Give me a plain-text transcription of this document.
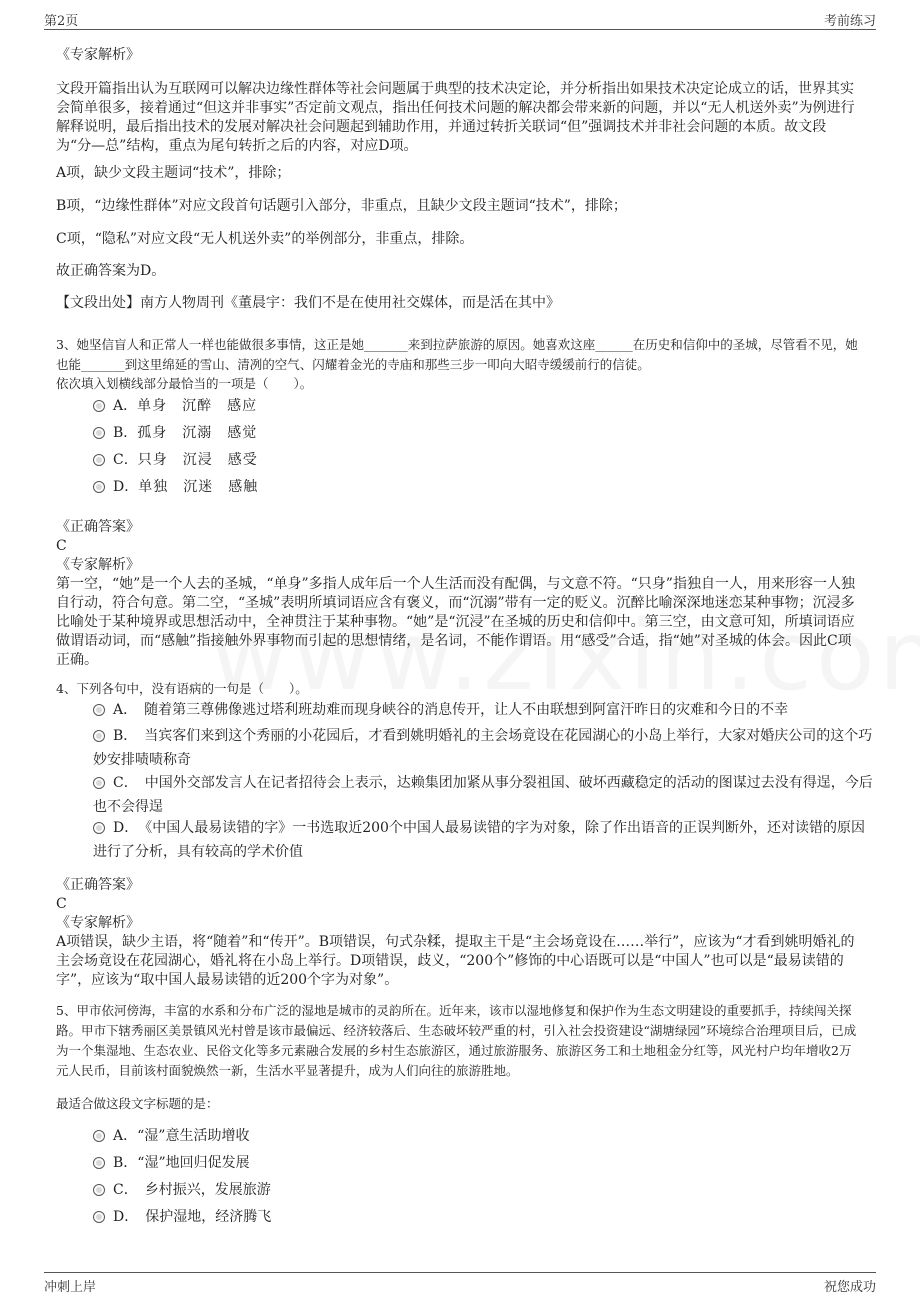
第2页	考前练习
《专家解析》
文段开篇指出认为互联网可以解决边缘性群体等社会问题属于典型的技术决定论，并分析指出如果技术决定论成立的话，世界其实会简单很多，接着通过“但这并非事实”否定前文观点，指出任何技术问题的解决都会带来新的问题，并以“无人机送外卖”为例进行解释说明，最后指出技术的发展对解决社会问题起到辅助作用，并通过转折关联词“但”强调技术并非社会问题的本质。故文段为“分—总”结构，重点为尾句转折之后的内容，对应D项。
A项，缺少文段主题词“技术”，排除；
B项，“边缘性群体”对应文段首句话题引入部分，非重点，且缺少文段主题词“技术”，排除；
C项，“隐私”对应文段“无人机送外卖”的举例部分，非重点，排除。
故正确答案为D。
【文段出处】南方人物周刊《董晨宇：我们不是在使用社交媒体，而是活在其中》
3、她坚信盲人和正常人一样也能做很多事情，这正是她_______来到拉萨旅游的原因。她喜欢这座______在历史和信仰中的圣城，尽管看不见，她也能_______到这里绵延的雪山、清冽的空气、闪耀着金光的寺庙和那些三步一叩向大昭寺缓缓前行的信徒。
依次填入划横线部分最恰当的一项是（　　）。
A．单身　沉醉　感应
B．孤身　沉溺　感觉
C．只身　沉浸　感受
D．单独　沉迷　感触
《正确答案》
C
《专家解析》
第一空，“她”是一个人去的圣城，“单身”多指人成年后一个人生活而没有配偶，与文意不符。“只身”指独自一人，用来形容一人独自行动，符合句意。第二空，“圣城”表明所填词语应含有褒义，而“沉溺”带有一定的贬义。沉醉比喻深深地迷恋某种事物；沉浸多比喻处于某种境界或思想活动中，全神贯注于某种事物。“她”是“沉浸”在圣城的历史和信仰中。第三空，由文意可知，所填词语应做谓语动词，而“感触”指接触外界事物而引起的思想情绪，是名词，不能作谓语。用“感受”合适，指“她”对圣城的体会。因此C项正确。
4、下列各句中，没有语病的一句是（　　）。
A．　 随着第三尊佛像逃过塔利班劫难而现身峡谷的消息传开，让人不由联想到阿富汗昨日的灾难和今日的不幸
B．　 当宾客们来到这个秀丽的小花园后，才看到姚明婚礼的主会场竟设在花园湖心的小岛上举行，大家对婚庆公司的这个巧妙安排啧啧称奇
C．　 中国外交部发言人在记者招待会上表示，达赖集团加紧从事分裂祖国、破坏西藏稳定的活动的图谋过去没有得逞，今后也不会得逞
D．　 《中国人最易读错的字》一书选取近200个中国人最易读错的字为对象，除了作出语音的正误判断外，还对读错的原因进行了分析，具有较高的学术价值
《正确答案》
C
《专家解析》
A项错误，缺少主语，将“随着”和“传开”。B项错误，句式杂糅，提取主干是“主会场竟设在……举行”，应该为“才看到姚明婚礼的主会场竟设在花园湖心，婚礼将在小岛上举行。D项错误，歧义，“200个”修饰的中心语既可以是“中国人”也可以是“最易读错的字”，应该为“取中国人最易读错的近200个字为对象”。
5、甲市依河傍海，丰富的水系和分布广泛的湿地是城市的灵韵所在。近年来，该市以湿地修复和保护作为生态文明建设的重要抓手，持续闯关探路。甲市下辖秀丽区美景镇风光村曾是该市最偏远、经济较落后、生态破坏较严重的村，引入社会投资建设“湖塘绿园”环境综合治理项目后，已成为一个集湿地、生态农业、民俗文化等多元素融合发展的乡村生态旅游区，通过旅游服务、旅游区务工和土地租金分红等，风光村户均年增收2万元人民币，目前该村面貌焕然一新，生活水平显著提升，成为人们向往的旅游胜地。
最适合做这段文字标题的是：
A．“湿”意生活助增收
B．“湿”地回归促发展
C．　 乡村振兴，发展旅游
D．　 保护湿地，经济腾飞
冲刺上岸	祝您成功
